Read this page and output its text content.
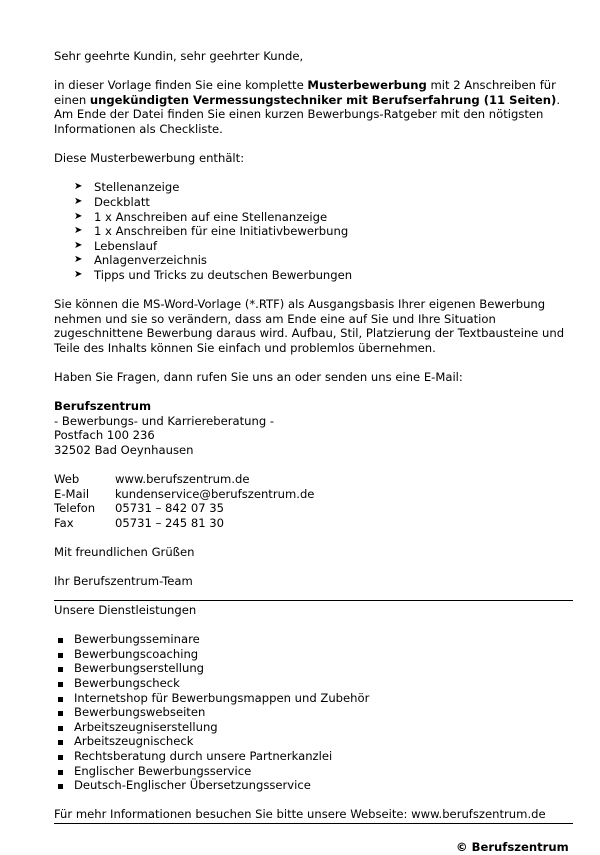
Sehr geehrte Kundin, sehr geehrter Kunde,

in dieser Vorlage finden Sie eine komplette Musterbewerbung mit 2 Anschreiben für einen ungekündigten Vermessungstechniker mit Berufserfahrung (11 Seiten). Am Ende der Datei finden Sie einen kurzen Bewerbungs-Ratgeber mit den nötigsten Informationen als Checkliste.

Diese Musterbewerbung enthält:

➤ Stellenanzeige
➤ Deckblatt
➤ 1 x Anschreiben auf eine Stellenanzeige
➤ 1 x Anschreiben für eine Initiativbewerbung
➤ Lebenslauf
➤ Anlagenverzeichnis
➤ Tipps und Tricks zu deutschen Bewerbungen

Sie können die MS-Word-Vorlage (*.RTF) als Ausgangsbasis Ihrer eigenen Bewerbung nehmen und sie so verändern, dass am Ende eine auf Sie und Ihre Situation zugeschnittene Bewerbung daraus wird. Aufbau, Stil, Platzierung der Textbausteine und Teile des Inhalts können Sie einfach und problemlos übernehmen.

Haben Sie Fragen, dann rufen Sie uns an oder senden uns eine E-Mail:

Berufszentrum

- Bewerbungs- und Karriereberatung -

Postfach 100 236

32502 Bad Oeynhausen

Web	www.berufszentrum.de
E-Mail	kundenservice@berufszentrum.de
Telefon	05731 – 842 07 35
Fax	05731 – 245 81 30

Mit freundlichen Grüßen

Ihr Berufszentrum-Team

Unsere Dienstleistungen

Bewerbungsseminare
Bewerbungscoaching
Bewerbungserstellung
Bewerbungscheck
Internetshop für Bewerbungsmappen und Zubehör
Bewerbungswebseiten
Arbeitszeugniserstellung
Arbeitszeugnischeck
Rechtsberatung durch unsere Partnerkanzlei
Englischer Bewerbungsservice
Deutsch-Englischer Übersetzungsservice

Für mehr Informationen besuchen Sie bitte unsere Webseite: www.berufszentrum.de

© Berufszentrum
